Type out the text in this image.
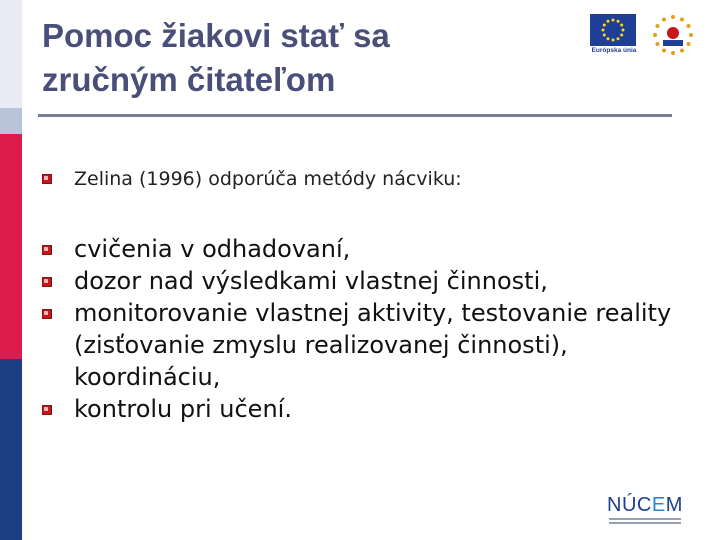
Pomoc žiakovi stať sa
zručným čitateľom
Európska únia
Zelina (1996) odporúča metódy nácviku:
cvičenia v odhadovaní,
dozor nad výsledkami vlastnej činnosti,
monitorovanie vlastnej aktivity, testovanie reality (zisťovanie zmyslu realizovanej činnosti), koordináciu,
kontrolu pri učení.
NÚCEM
